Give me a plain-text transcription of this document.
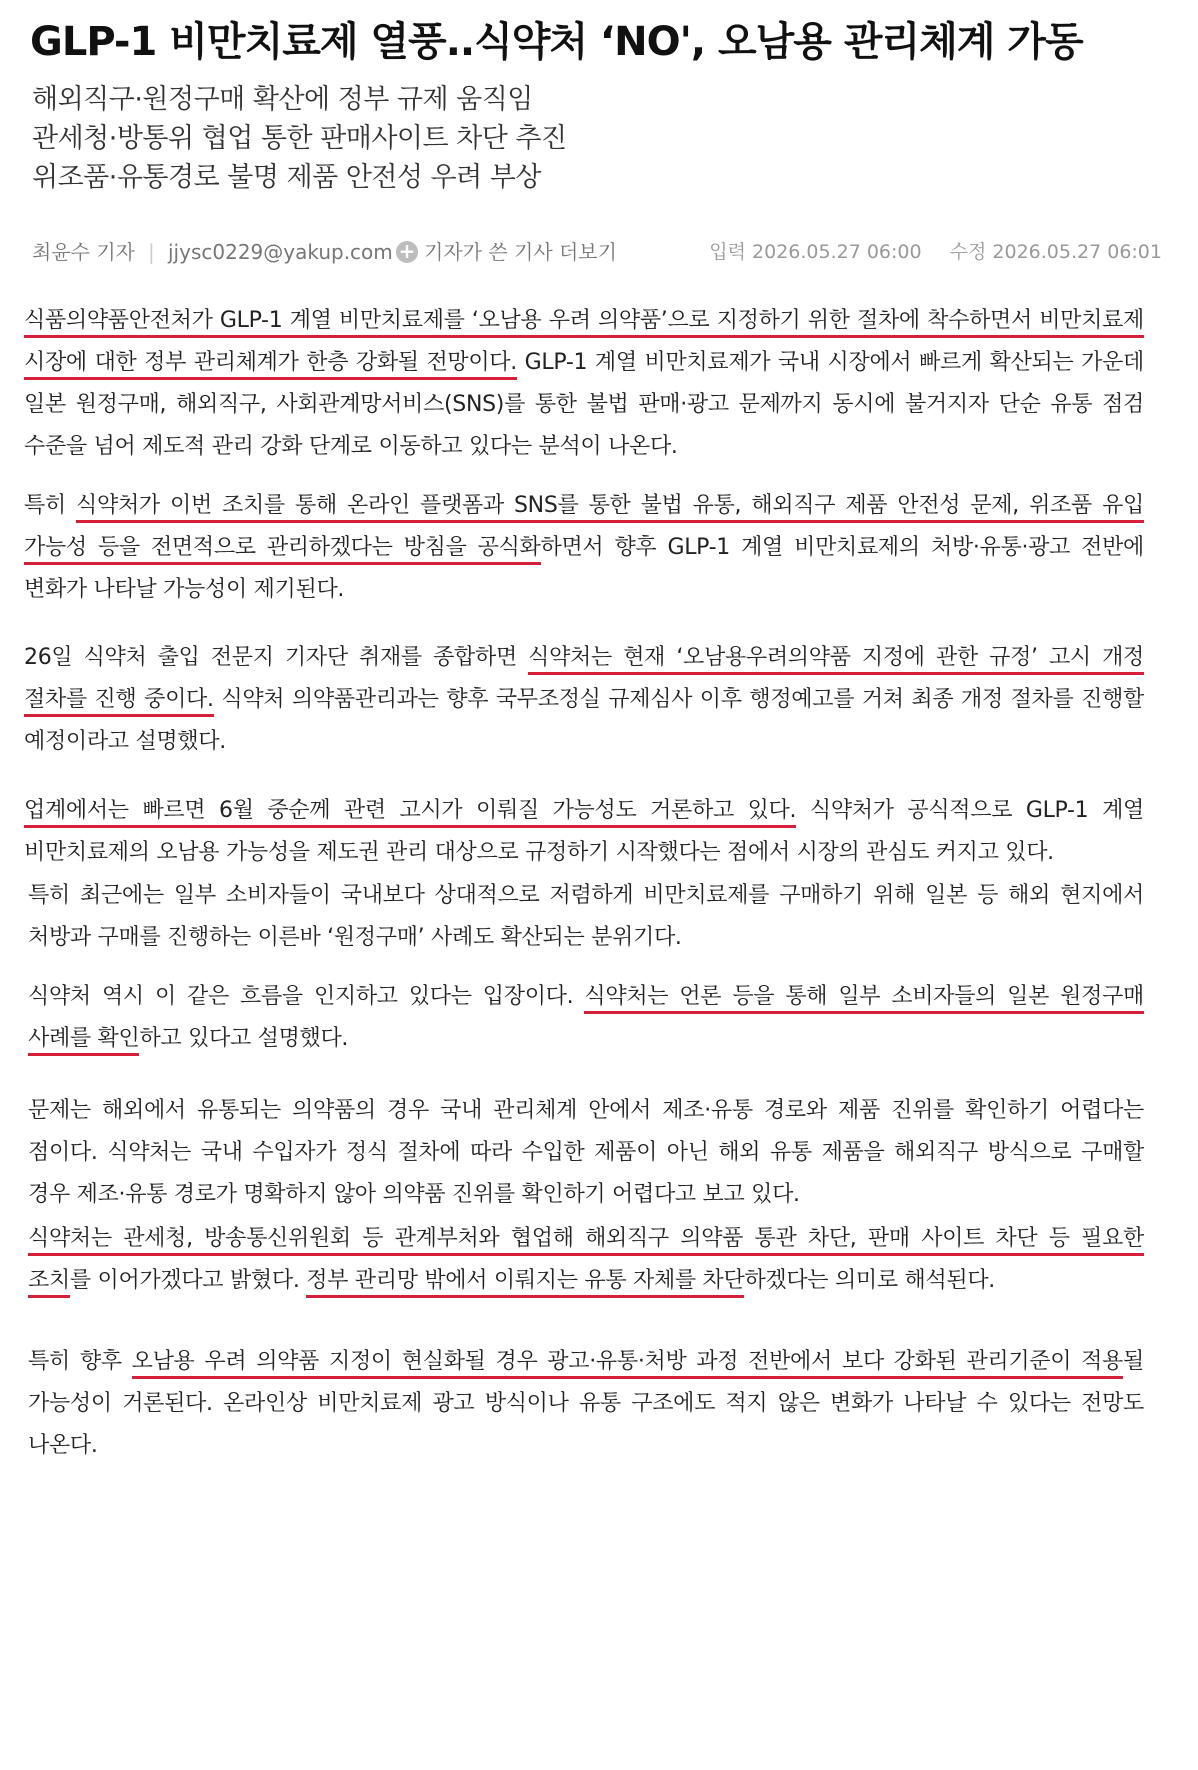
GLP-1 비만치료제 열풍..식약처 ‘NO', 오남용 관리체계 가동
해외직구·원정구매 확산에 정부 규제 움직임
관세청·방통위 협업 통한 판매사이트 차단 추진
위조품·유통경로 불명 제품 안전성 우려 부상
최윤수 기자 | jjysc0229@yakup.com + 기자가 쓴 기사 더보기	입력 2026.05.27 06:00 수정 2026.05.27 06:01

식품의약품안전처가 GLP-1 계열 비만치료제를 ‘오남용 우려 의약품’으로 지정하기 위한 절차에 착수하면서 비만치료제 시장에 대한 정부 관리체계가 한층 강화될 전망이다. GLP-1 계열 비만치료제가 국내 시장에서 빠르게 확산되는 가운데 일본 원정구매, 해외직구, 사회관계망서비스(SNS)를 통한 불법 판매·광고 문제까지 동시에 불거지자 단순 유통 점검 수준을 넘어 제도적 관리 강화 단계로 이동하고 있다는 분석이 나온다.

특히 식약처가 이번 조치를 통해 온라인 플랫폼과 SNS를 통한 불법 유통, 해외직구 제품 안전성 문제, 위조품 유입 가능성 등을 전면적으로 관리하겠다는 방침을 공식화하면서 향후 GLP-1 계열 비만치료제의 처방·유통·광고 전반에 변화가 나타날 가능성이 제기된다.

26일 식약처 출입 전문지 기자단 취재를 종합하면 식약처는 현재 ‘오남용우려의약품 지정에 관한 규정’ 고시 개정 절차를 진행 중이다. 식약처 의약품관리과는 향후 국무조정실 규제심사 이후 행정예고를 거쳐 최종 개정 절차를 진행할 예정이라고 설명했다.

업계에서는 빠르면 6월 중순께 관련 고시가 이뤄질 가능성도 거론하고 있다. 식약처가 공식적으로 GLP-1 계열 비만치료제의 오남용 가능성을 제도권 관리 대상으로 규정하기 시작했다는 점에서 시장의 관심도 커지고 있다.

특히 최근에는 일부 소비자들이 국내보다 상대적으로 저렴하게 비만치료제를 구매하기 위해 일본 등 해외 현지에서 처방과 구매를 진행하는 이른바 ‘원정구매’ 사례도 확산되는 분위기다.

식약처 역시 이 같은 흐름을 인지하고 있다는 입장이다. 식약처는 언론 등을 통해 일부 소비자들의 일본 원정구매 사례를 확인하고 있다고 설명했다.

문제는 해외에서 유통되는 의약품의 경우 국내 관리체계 안에서 제조·유통 경로와 제품 진위를 확인하기 어렵다는 점이다. 식약처는 국내 수입자가 정식 절차에 따라 수입한 제품이 아닌 해외 유통 제품을 해외직구 방식으로 구매할 경우 제조·유통 경로가 명확하지 않아 의약품 진위를 확인하기 어렵다고 보고 있다.

식약처는 관세청, 방송통신위원회 등 관계부처와 협업해 해외직구 의약품 통관 차단, 판매 사이트 차단 등 필요한 조치를 이어가겠다고 밝혔다. 정부 관리망 밖에서 이뤄지는 유통 자체를 차단하겠다는 의미로 해석된다.

특히 향후 오남용 우려 의약품 지정이 현실화될 경우 광고·유통·처방 과정 전반에서 보다 강화된 관리기준이 적용될 가능성이 거론된다. 온라인상 비만치료제 광고 방식이나 유통 구조에도 적지 않은 변화가 나타날 수 있다는 전망도 나온다.
